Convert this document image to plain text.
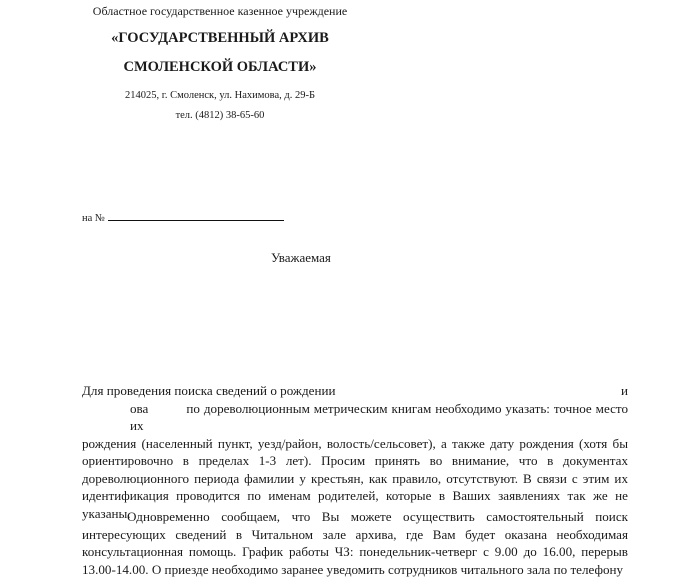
Областное государственное казенное учреждение
«ГОСУДАРСТВЕННЫЙ АРХИВ
СМОЛЕНСКОЙ ОБЛАСТИ»
214025, г. Смоленск, ул. Нахимова, д. 29-Б
тел. (4812) 38-65-60
на №
Уважаемая
Для проведения поиска сведений о рождении	и
ова	по дореволюционным метрическим книгам необходимо указать: точное место их
рождения (населенный пункт, уезд/район, волость/сельсовет), а также дату рождения (хотя бы ориентировочно в пределах 1-3 лет). Просим принять во внимание, что в документах дореволюционного периода фамилии у крестьян, как правило, отсутствуют. В связи с этим их идентификация проводится по именам родителей, которые в Ваших заявлениях так же не указаны.
Одновременно сообщаем, что Вы можете осуществить самостоятельный поиск интересующих сведений в Читальном зале архива, где Вам будет оказана необходимая консультационная помощь. График работы ЧЗ: понедельник-четверг с 9.00 до 16.00, перерыв 13.00-14.00. О приезде необходимо заранее уведомить сотрудников читального зала по телефону
